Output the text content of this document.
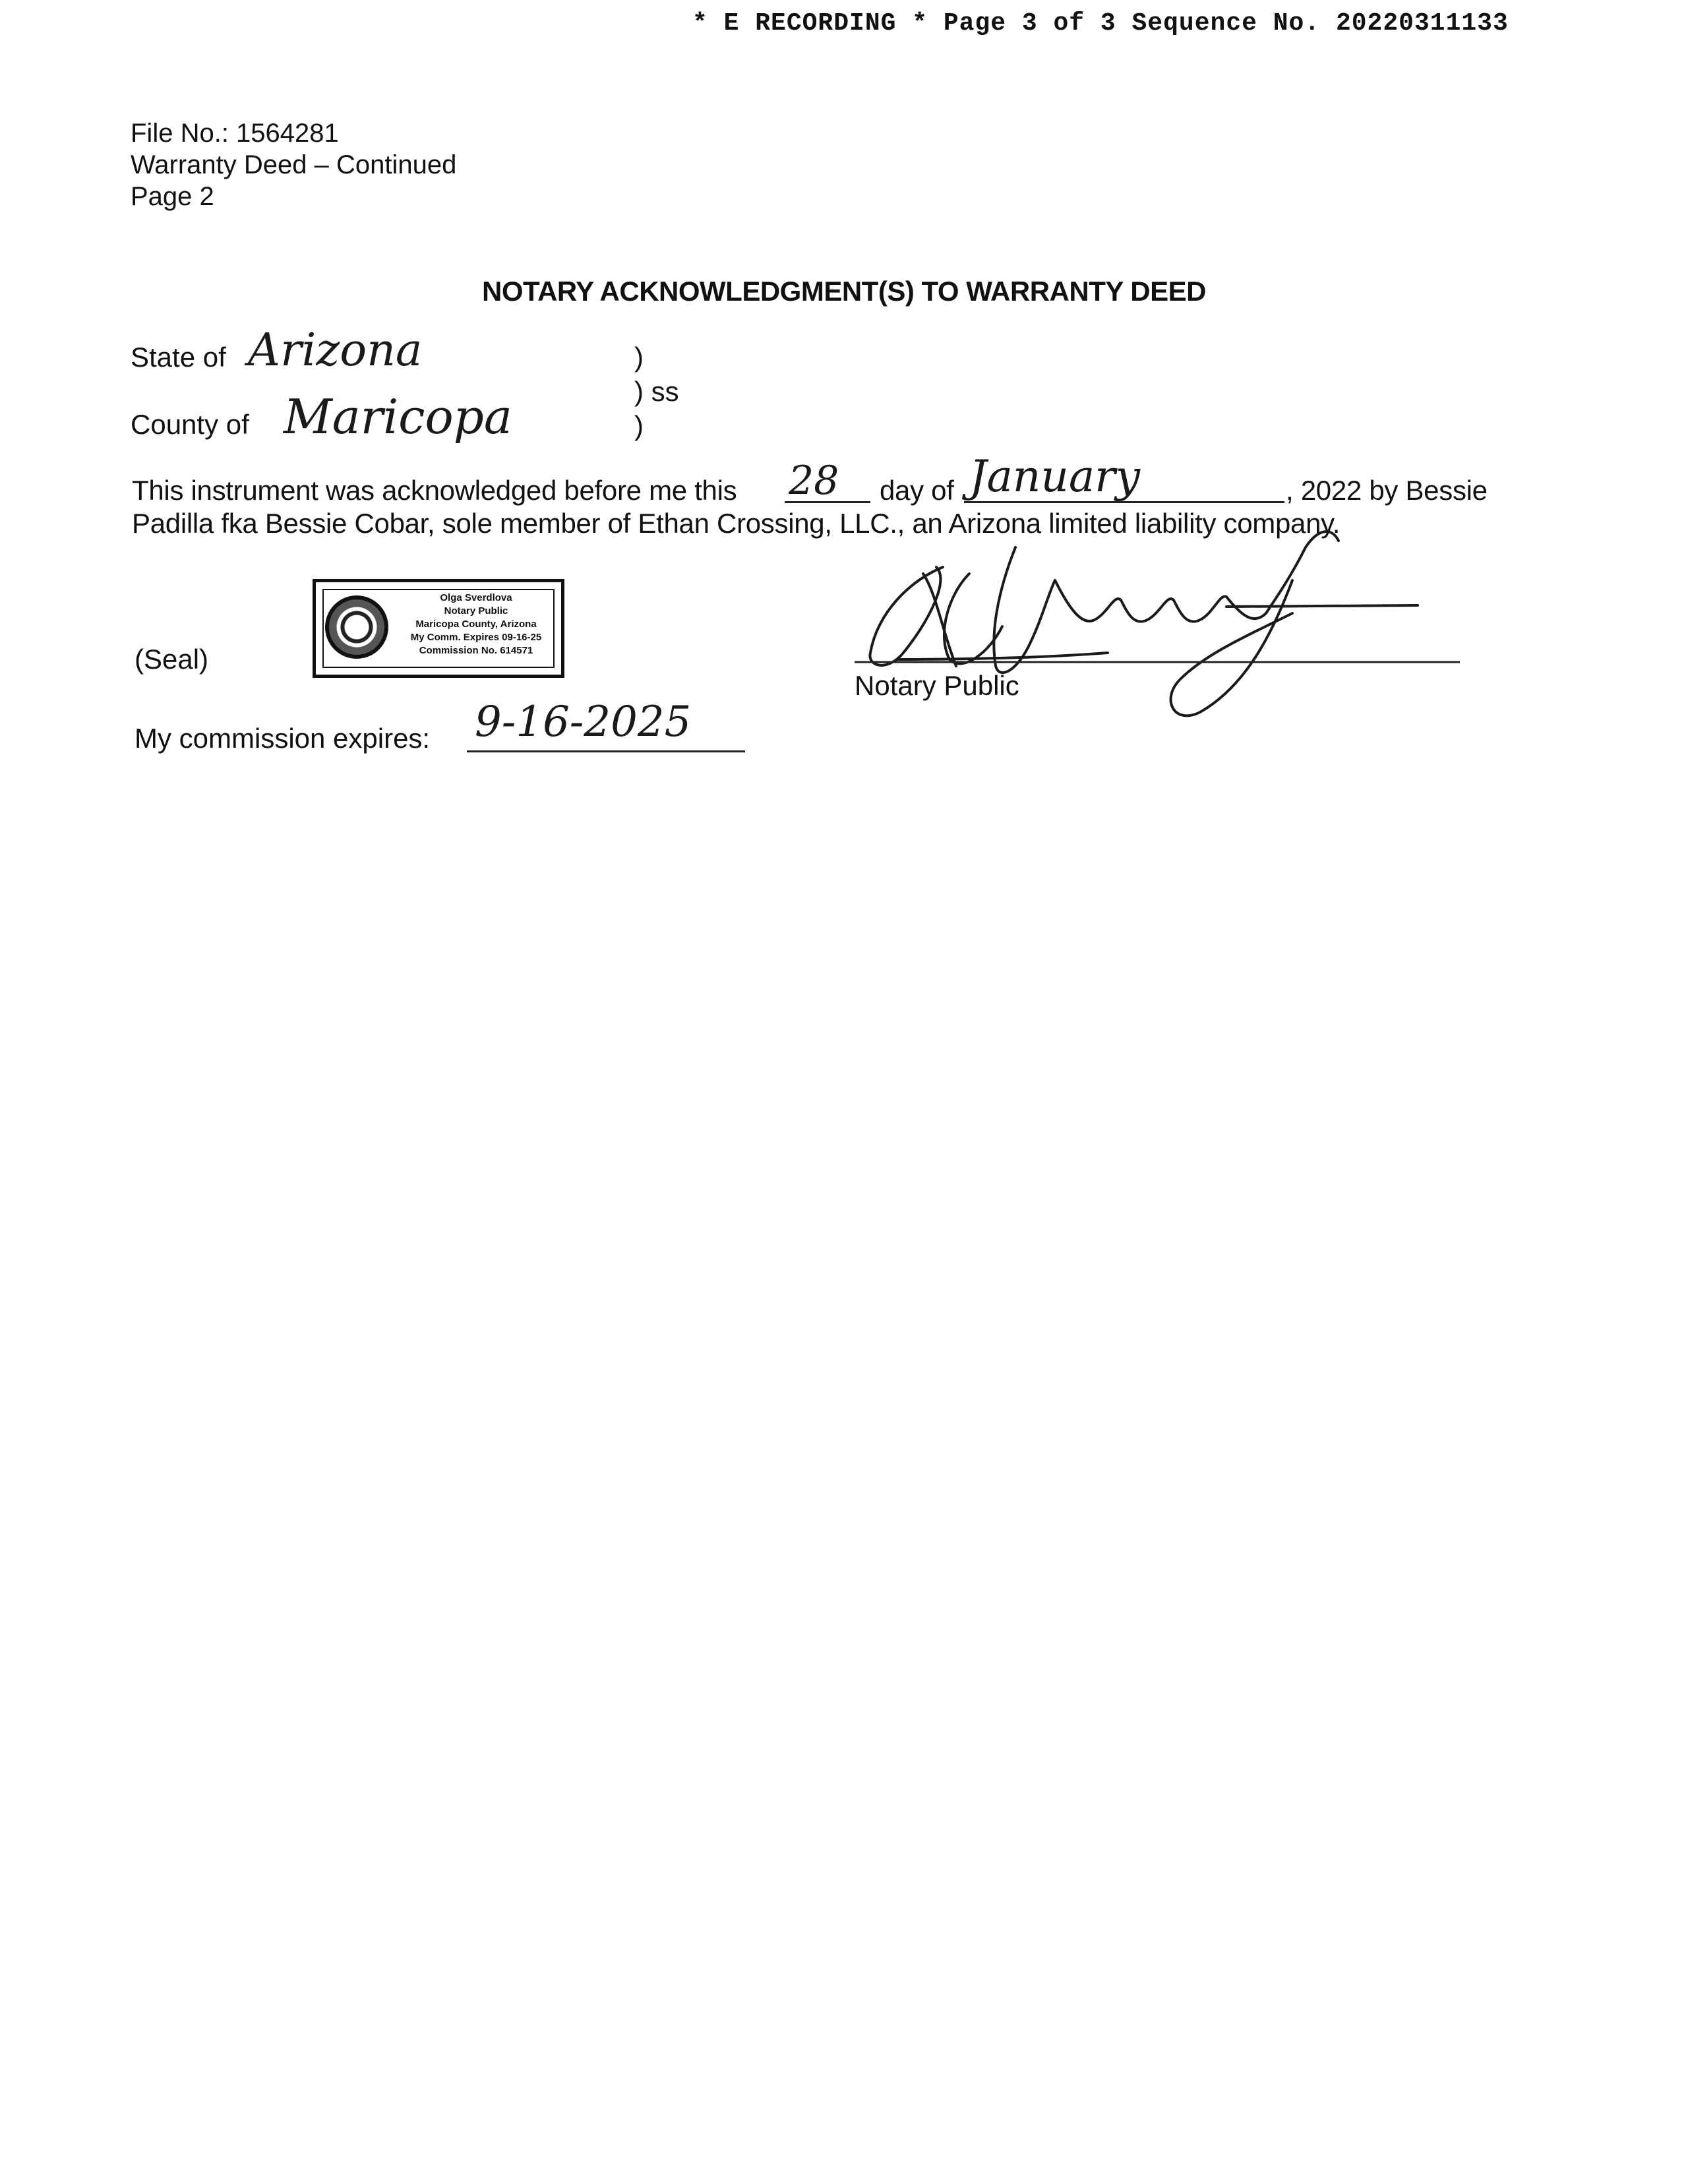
* E RECORDING * Page 3 of 3 Sequence No. 20220311133
File No.: 1564281
Warranty Deed – Continued
Page 2
NOTARY ACKNOWLEDGMENT(S) TO WARRANTY DEED
State of Arizona
County of Maricopa
)
) ss
)
This instrument was acknowledged before me this 28 day of January	, 2022 by Bessie
Padilla fka Bessie Cobar, sole member of Ethan Crossing, LLC., an Arizona limited liability company.
(Seal)
Olga Sverdlova
Notary Public
Maricopa County, Arizona
My Comm. Expires 09-16-25
Commission No. 614571
Notary Public
My commission expires: 9-16-2025
